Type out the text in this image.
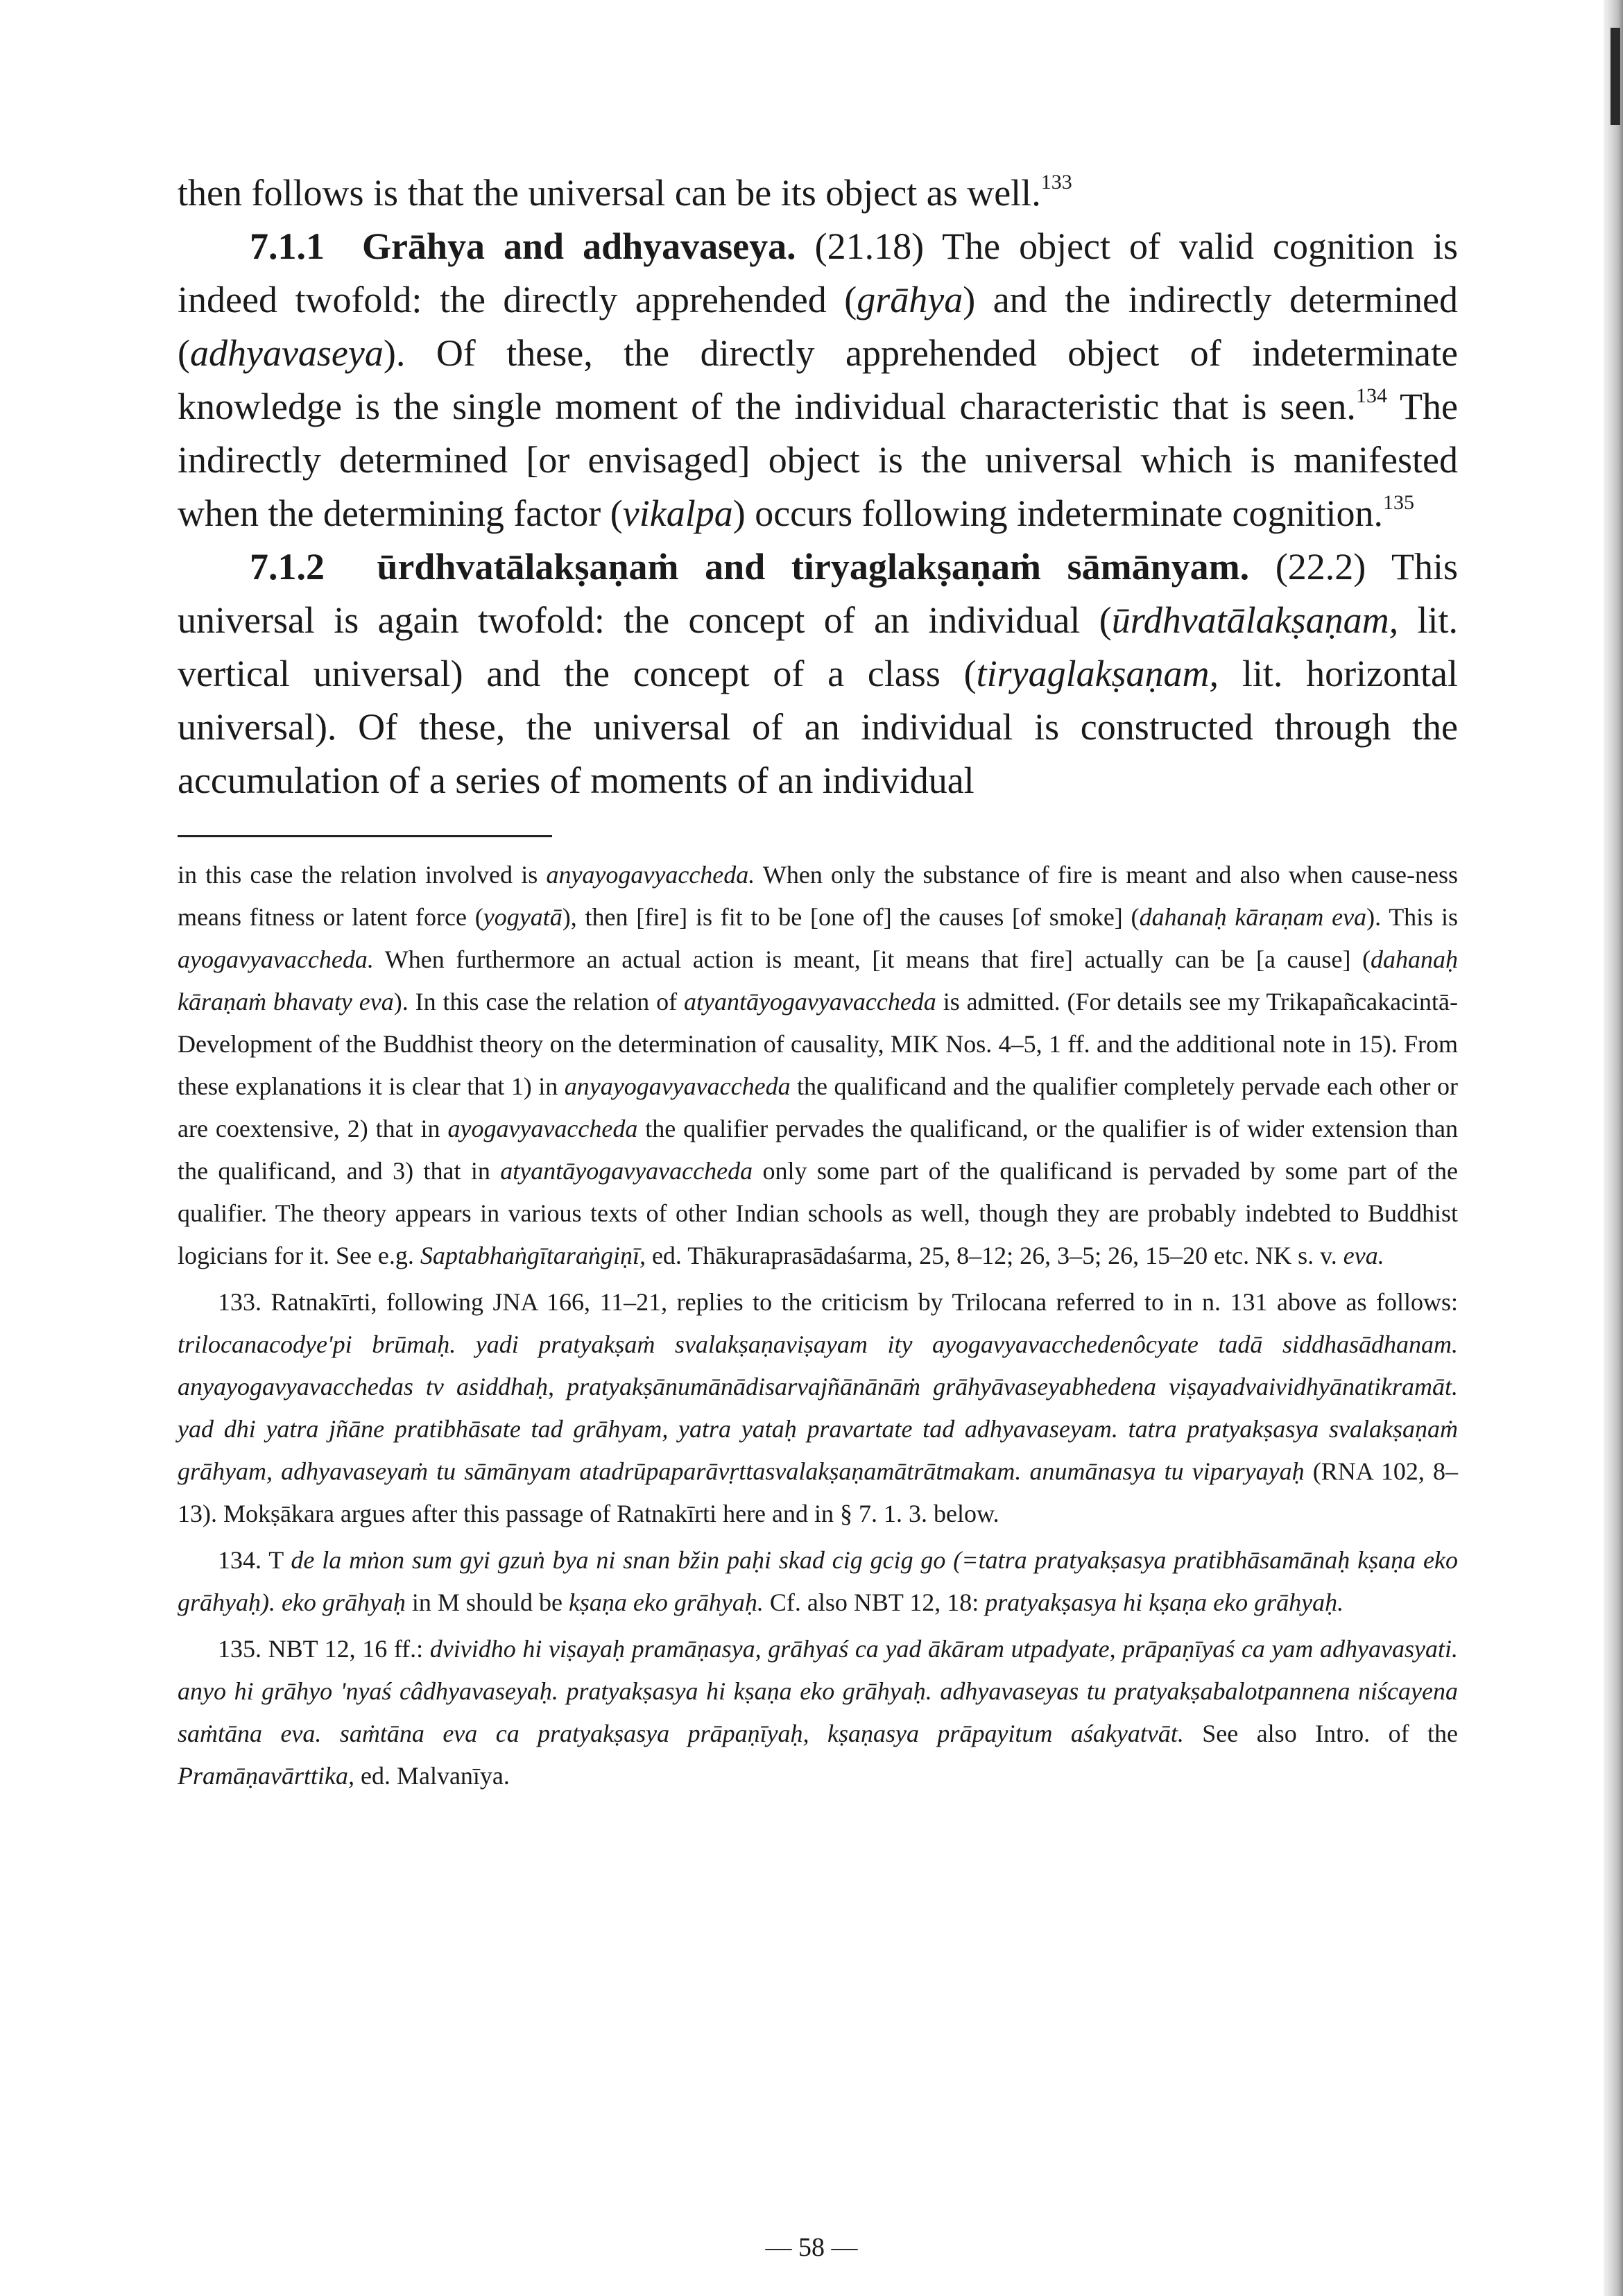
then follows is that the universal can be its object as well.$^{133}$

7.1.1 Grāhya and adhyavaseya. (21.18) The object of valid cognition is indeed twofold: the directly apprehended (grāhya) and the indirectly determined (adhyavaseya). Of these, the directly apprehended object of indeterminate knowledge is the single moment of the individual characteristic that is seen.$^{134}$ The indirectly determined [or envisaged] object is the universal which is manifested when the determining factor (vikalpa) occurs following indeterminate cognition.$^{135}$

7.1.2 ūrdhvatālakṣaṇaṁ and tiryaglakṣaṇaṁ sāmānyam. (22.2) This universal is again twofold: the concept of an individual (ūrdhvatālakṣaṇam, lit. vertical universal) and the concept of a class (tiryaglakṣaṇam, lit. horizontal universal). Of these, the universal of an individual is constructed through the accumulation of a series of moments of an individual

in this case the relation involved is anyayogavyaccheda. When only the substance of fire is meant and also when cause-ness means fitness or latent force (yogyatā), then [fire] is fit to be [one of] the causes [of smoke] (dahanaḥ kāraṇam eva). This is ayogavyavaccheda. When furthermore an actual action is meant, [it means that fire] actually can be [a cause] (dahanaḥ kāraṇaṁ bhavaty eva). In this case the relation of atyantāyogavyavaccheda is admitted. (For details see my Trikapañcakacintā- Development of the Buddhist theory on the determination of causality, MIK Nos. 4–5, 1 ff. and the additional note in 15). From these explanations it is clear that 1) in anyayogavyavaccheda the qualificand and the qualifier completely pervade each other or are coextensive, 2) that in ayogavyavaccheda the qualifier pervades the qualificand, or the qualifier is of wider extension than the qualificand, and 3) that in atyantāyogavyavaccheda only some part of the qualificand is pervaded by some part of the qualifier. The theory appears in various texts of other Indian schools as well, though they are probably indebted to Buddhist logicians for it. See e.g. Saptabhaṅgītaraṅgiṇī, ed. Thākuraprasādaśarma, 25, 8–12; 26, 3–5; 26, 15–20 etc. NK s. v. eva.

133. Ratnakīrti, following JNA 166, 11–21, replies to the criticism by Trilocana referred to in n. 131 above as follows: trilocanacodye'pi brūmaḥ. yadi pratyakṣaṁ svalakṣaṇaviṣayam ity ayogavyavacchedenôcyate tadā siddhasādhanam. anyayogavyavacchedas tv asiddhaḥ, pratyakṣānumānādisarvajñānānāṁ grāhyāvaseyabhedena viṣayadvaividhyānatikramāt. yad dhi yatra jñāne pratibhāsate tad grāhyam, yatra yataḥ pravartate tad adhyavaseyam. tatra pratyakṣasya svalakṣaṇaṁ grāhyam, adhyavaseyaṁ tu sāmānyam atadrūpaparāvṛttasvalakṣaṇamātrātmakam. anumānasya tu viparyayaḥ (RNA 102, 8–13). Mokṣākara argues after this passage of Ratnakīrti here and in § 7. 1. 3. below.

134. T de la mṅon sum gyi gzuṅ bya ni snan bžin paḥi skad cig gcig go (=tatra pratyakṣasya pratibhāsamānaḥ kṣaṇa eko grāhyaḥ). eko grāhyaḥ in M should be kṣaṇa eko grāhyaḥ. Cf. also NBT 12, 18: pratyakṣasya hi kṣaṇa eko grāhyaḥ.

135. NBT 12, 16 ff.: dvividho hi viṣayaḥ pramāṇasya, grāhyaś ca yad ākāram utpadyate, prāpaṇīyaś ca yam adhyavasyati. anyo hi grāhyo 'nyaś câdhyavaseyaḥ. pratyakṣasya hi kṣaṇa eko grāhyaḥ. adhyavaseyas tu pratyakṣabalotpannena niścayena saṁtāna eva. saṁtāna eva ca pratyakṣasya prāpaṇīyaḥ, kṣaṇasya prāpayitum aśakyatvāt. See also Intro. of the Pramāṇavārttika, ed. Malvanīya.

— 58 —
